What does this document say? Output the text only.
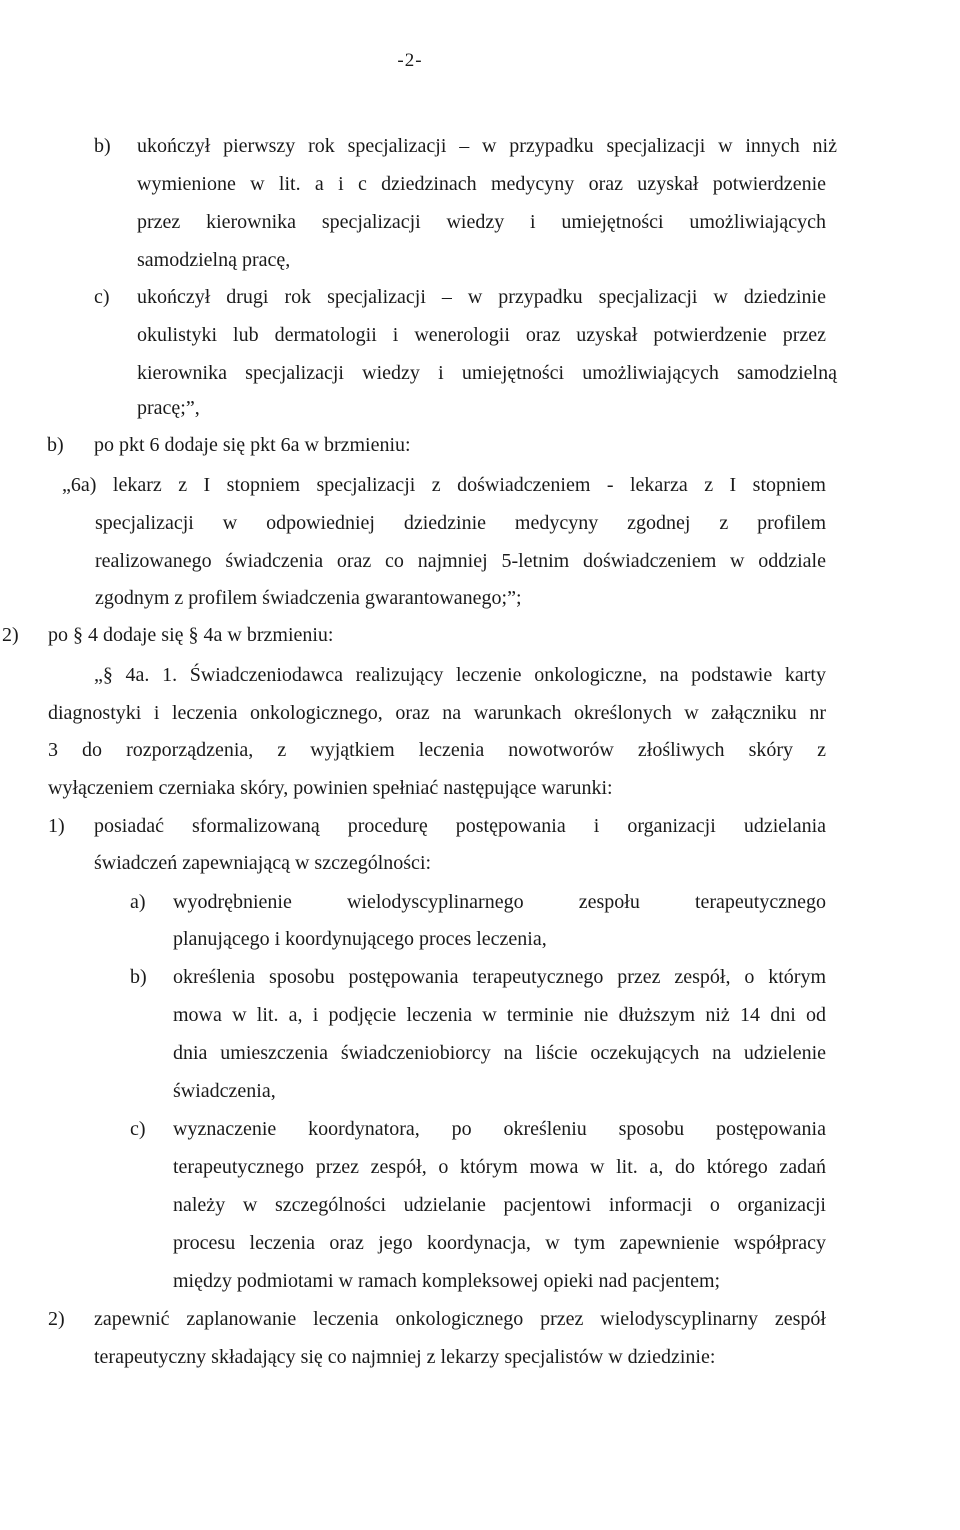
-2-
b) ukończył pierwszy rok specjalizacji – w przypadku specjalizacji w innych niż
wymienione w lit. a i c dziedzinach medycyny oraz uzyskał potwierdzenie
przez kierownika specjalizacji wiedzy i umiejętności umożliwiających
samodzielną pracę,
c) ukończył drugi rok specjalizacji – w przypadku specjalizacji w dziedzinie
okulistyki lub dermatologii i wenerologii oraz uzyskał potwierdzenie przez
kierownika specjalizacji wiedzy i umiejętności umożliwiających samodzielną
pracę;”,
b) po pkt 6 dodaje się pkt 6a w brzmieniu:
„6a) lekarz z I stopniem specjalizacji z doświadczeniem - lekarza z I stopniem
specjalizacji w odpowiedniej dziedzinie medycyny zgodnej z profilem
realizowanego świadczenia oraz co najmniej 5-letnim doświadczeniem w oddziale
zgodnym z profilem świadczenia gwarantowanego;”;
2) po § 4 dodaje się § 4a w brzmieniu:
„§ 4a. 1. Świadczeniodawca realizujący leczenie onkologiczne, na podstawie karty
diagnostyki i leczenia onkologicznego, oraz na warunkach określonych w załączniku nr
3 do rozporządzenia, z wyjątkiem leczenia nowotworów złośliwych skóry z
wyłączeniem czerniaka skóry, powinien spełniać następujące warunki:
1) posiadać sformalizowaną procedurę postępowania i organizacji udzielania
świadczeń zapewniającą w szczególności:
a) wyodrębnienie wielodyscyplinarnego zespołu terapeutycznego
planującego i koordynującego proces leczenia,
b) określenia sposobu postępowania terapeutycznego przez zespół, o którym
mowa w lit. a, i podjęcie leczenia w terminie nie dłuższym niż 14 dni od
dnia umieszczenia świadczeniobiorcy na liście oczekujących na udzielenie
świadczenia,
c) wyznaczenie koordynatora, po określeniu sposobu postępowania
terapeutycznego przez zespół, o którym mowa w lit. a, do którego zadań
należy w szczególności udzielanie pacjentowi informacji o organizacji
procesu leczenia oraz jego koordynacja, w tym zapewnienie współpracy
między podmiotami w ramach kompleksowej opieki nad pacjentem;
2) zapewnić zaplanowanie leczenia onkologicznego przez wielodyscyplinarny zespół
terapeutyczny składający się co najmniej z lekarzy specjalistów w dziedzinie:
